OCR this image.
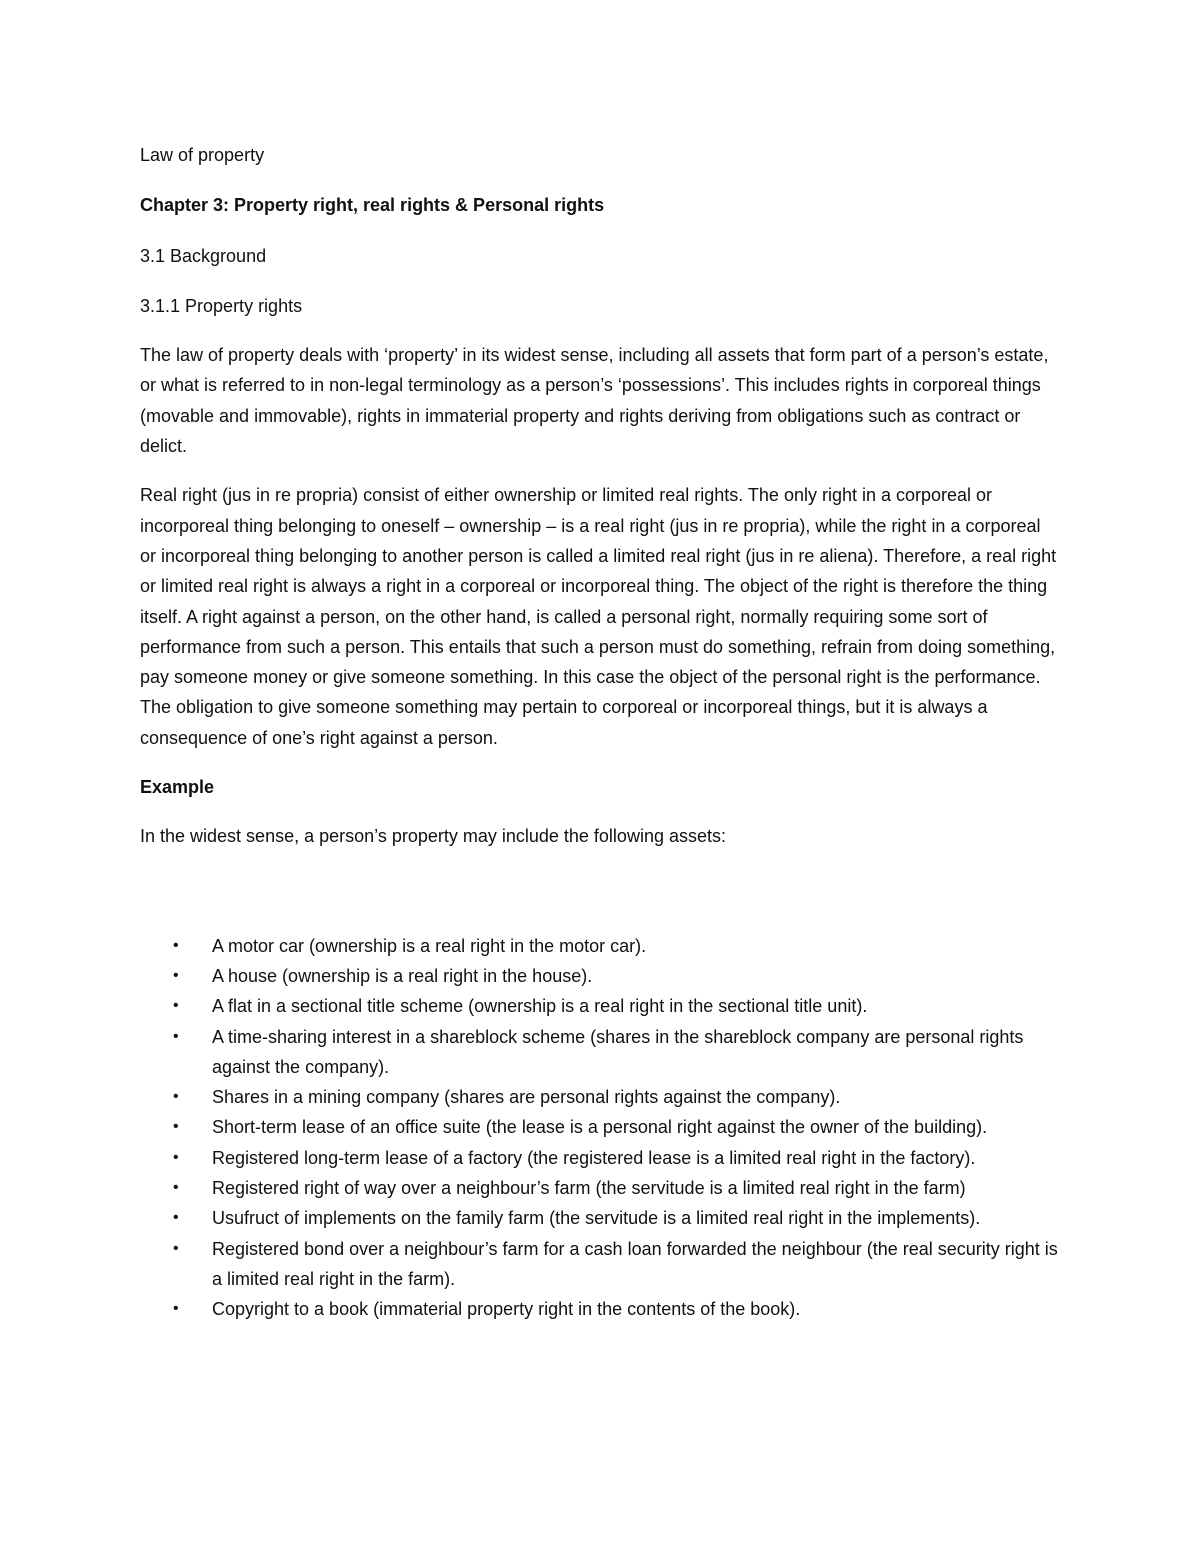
Law of property

Chapter 3: Property right, real rights & Personal rights

3.1 Background

3.1.1 Property rights

The law of property deals with ‘property’ in its widest sense, including all assets that form part of a person’s estate, or what is referred to in non-legal terminology as a person’s ‘possessions’. This includes rights in corporeal things (movable and immovable), rights in immaterial property and rights deriving from obligations such as contract or delict.

Real right (jus in re propria) consist of either ownership or limited real rights. The only right in a corporeal or incorporeal thing belonging to oneself – ownership – is a real right (jus in re propria), while the right in a corporeal or incorporeal thing belonging to another person is called a limited real right (jus in re aliena). Therefore, a real right or limited real right is always a right in a corporeal or incorporeal thing. The object of the right is therefore the thing itself. A right against a person, on the other hand, is called a personal right, normally requiring some sort of performance from such a person. This entails that such a person must do something, refrain from doing something, pay someone money or give someone something. In this case the object of the personal right is the performance. The obligation to give someone something may pertain to corporeal or incorporeal things, but it is always a consequence of one’s right against a person.

Example

In the widest sense, a person’s property may include the following assets:

• A motor car (ownership is a real right in the motor car).
• A house (ownership is a real right in the house).
• A flat in a sectional title scheme (ownership is a real right in the sectional title unit).
• A time-sharing interest in a shareblock scheme (shares in the shareblock company are personal rights against the company).
• Shares in a mining company (shares are personal rights against the company).
• Short-term lease of an office suite (the lease is a personal right against the owner of the building).
• Registered long-term lease of a factory (the registered lease is a limited real right in the factory).
• Registered right of way over a neighbour’s farm (the servitude is a limited real right in the farm)
• Usufruct of implements on the family farm (the servitude is a limited real right in the implements).
• Registered bond over a neighbour’s farm for a cash loan forwarded the neighbour (the real security right is a limited real right in the farm).
• Copyright to a book (immaterial property right in the contents of the book).
